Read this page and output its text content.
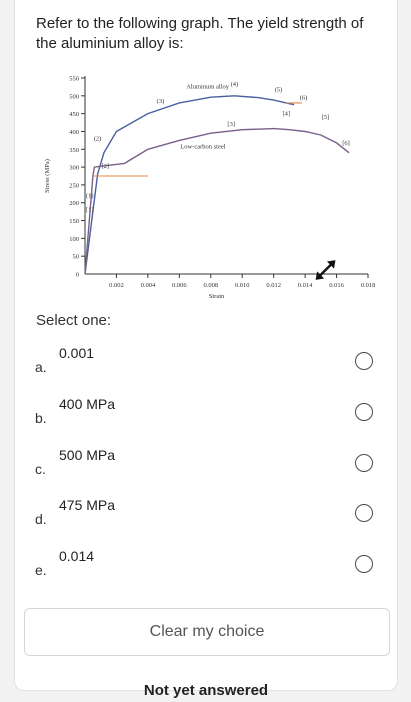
Refer to the following graph. The yield strength of the aluminium alloy is:
50
100
150
200
250
300
350
400
450
500
550
0
0.002	0.004	0.006	0.008	0.010	0.012	0.014	0.016	0.018
Strain
Stress (MPa)
Aluminum alloy
Low-carbon steel
(1)
[1]
(2)
[2]
(3)
(4)
(5)
(6)
[3]
[4]
[5]
[6]
Select one:
a.
0.001
b.
400 MPa
c.
500 MPa
d.
475 MPa
e.
0.014
Clear my choice
Not yet answered
